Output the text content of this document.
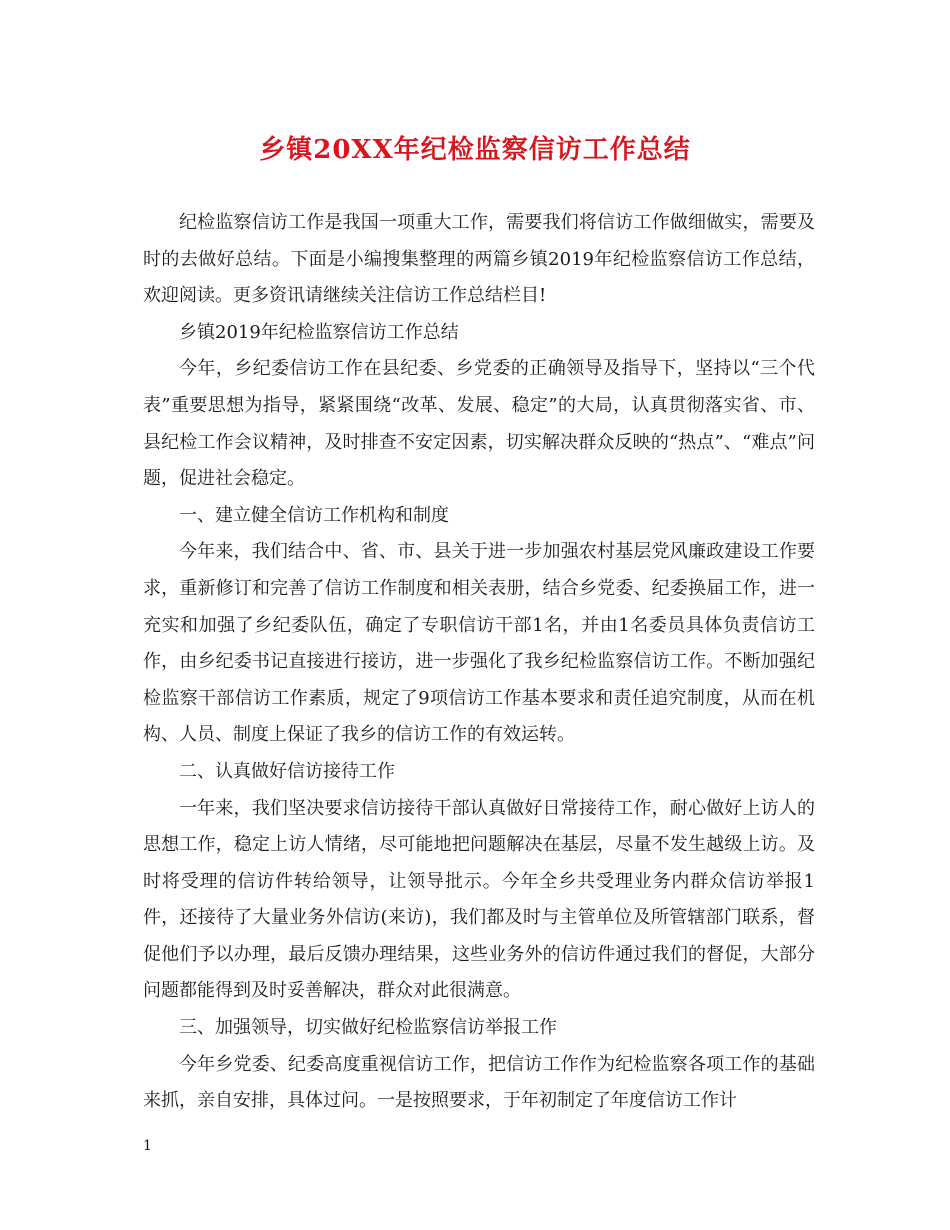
乡镇20XX年纪检监察信访工作总结

纪检监察信访工作是我国一项重大工作，需要我们将信访工作做细做实，需要及时的去做好总结。下面是小编搜集整理的两篇乡镇2019年纪检监察信访工作总结，欢迎阅读。更多资讯请继续关注信访工作总结栏目!

乡镇2019年纪检监察信访工作总结

今年，乡纪委信访工作在县纪委、乡党委的正确领导及指导下，坚持以“三个代表”重要思想为指导，紧紧围绕“改革、发展、稳定”的大局，认真贯彻落实省、市、县纪检工作会议精神，及时排查不安定因素，切实解决群众反映的“热点”、“难点”问题，促进社会稳定。

一、建立健全信访工作机构和制度

今年来，我们结合中、省、市、县关于进一步加强农村基层党风廉政建设工作要求，重新修订和完善了信访工作制度和相关表册，结合乡党委、纪委换届工作，进一充实和加强了乡纪委队伍，确定了专职信访干部1名，并由1名委员具体负责信访工作，由乡纪委书记直接进行接访，进一步强化了我乡纪检监察信访工作。不断加强纪检监察干部信访工作素质，规定了9项信访工作基本要求和责任追究制度，从而在机构、人员、制度上保证了我乡的信访工作的有效运转。

二、认真做好信访接待工作

一年来，我们坚决要求信访接待干部认真做好日常接待工作，耐心做好上访人的思想工作，稳定上访人情绪，尽可能地把问题解决在基层，尽量不发生越级上访。及时将受理的信访件转给领导，让领导批示。今年全乡共受理业务内群众信访举报1件，还接待了大量业务外信访(来访)，我们都及时与主管单位及所管辖部门联系，督促他们予以办理，最后反馈办理结果，这些业务外的信访件通过我们的督促，大部分问题都能得到及时妥善解决，群众对此很满意。

三、加强领导，切实做好纪检监察信访举报工作

今年乡党委、纪委高度重视信访工作，把信访工作作为纪检监察各项工作的基础来抓，亲自安排，具体过问。一是按照要求，于年初制定了年度信访工作计

1
